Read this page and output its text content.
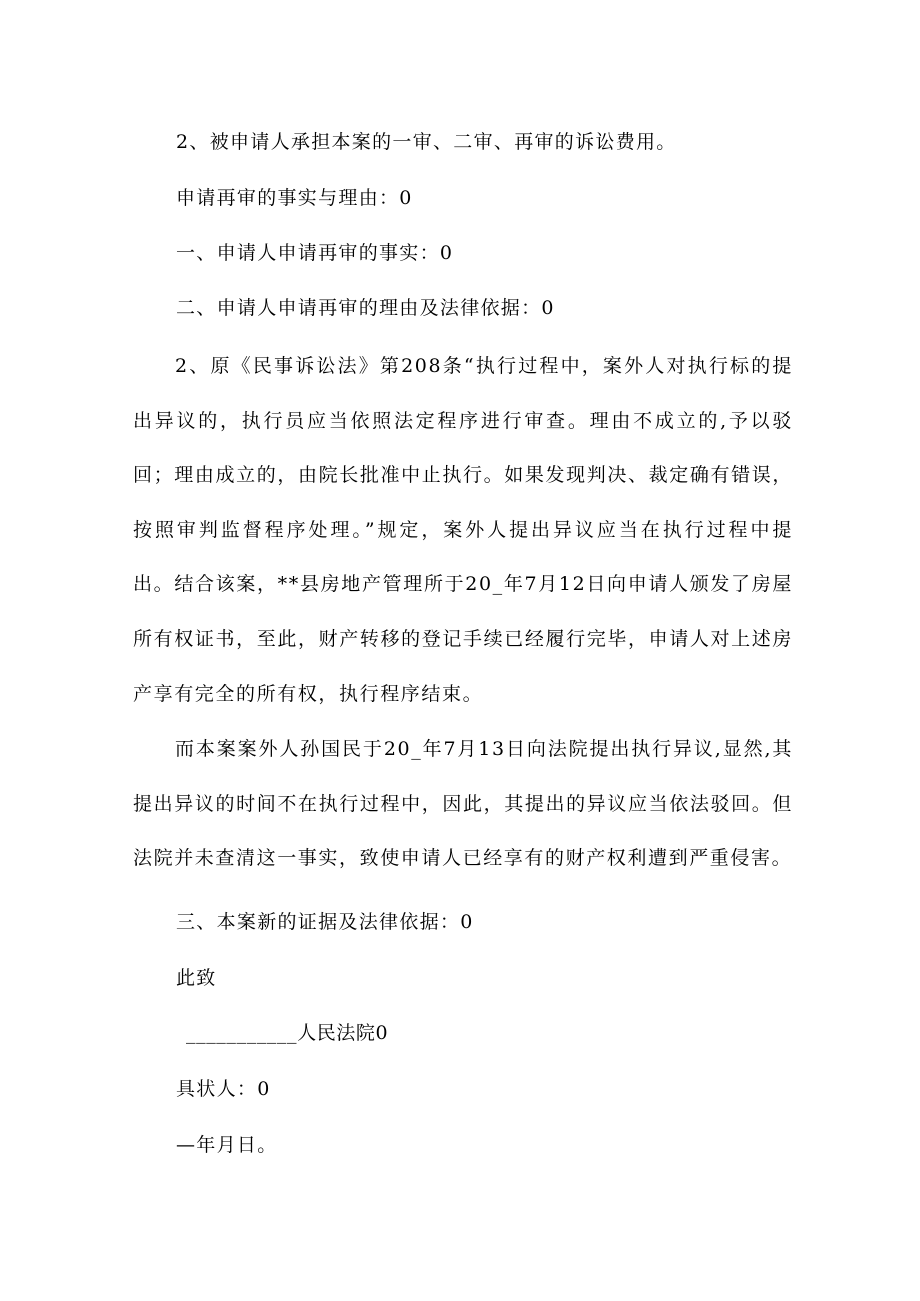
2、被申请人承担本案的一审、二审、再审的诉讼费用。
申请再审的事实与理由：0
一、申请人申请再审的事实：0
二、申请人申请再审的理由及法律依据：0
2、原《民事诉讼法》第208条“执行过程中，案外人对执行标的提出异议的，执行员应当依照法定程序进行审查。理由不成立的,予以驳回；理由成立的，由院长批准中止执行。如果发现判决、裁定确有错误，按照审判监督程序处理。”规定，案外人提出异议应当在执行过程中提出。结合该案，**县房地产管理所于20_年7月12日向申请人颁发了房屋所有权证书，至此，财产转移的登记手续已经履行完毕，申请人对上述房产享有完全的所有权，执行程序结束。
而本案案外人孙国民于20_年7月13日向法院提出执行异议,显然,其提出异议的时间不在执行过程中，因此，其提出的异议应当依法驳回。但法院并未查清这一事实，致使申请人已经享有的财产权利遭到严重侵害。
三、本案新的证据及法律依据：0
此致
___________人民法院0
具状人：0
—年月日。
